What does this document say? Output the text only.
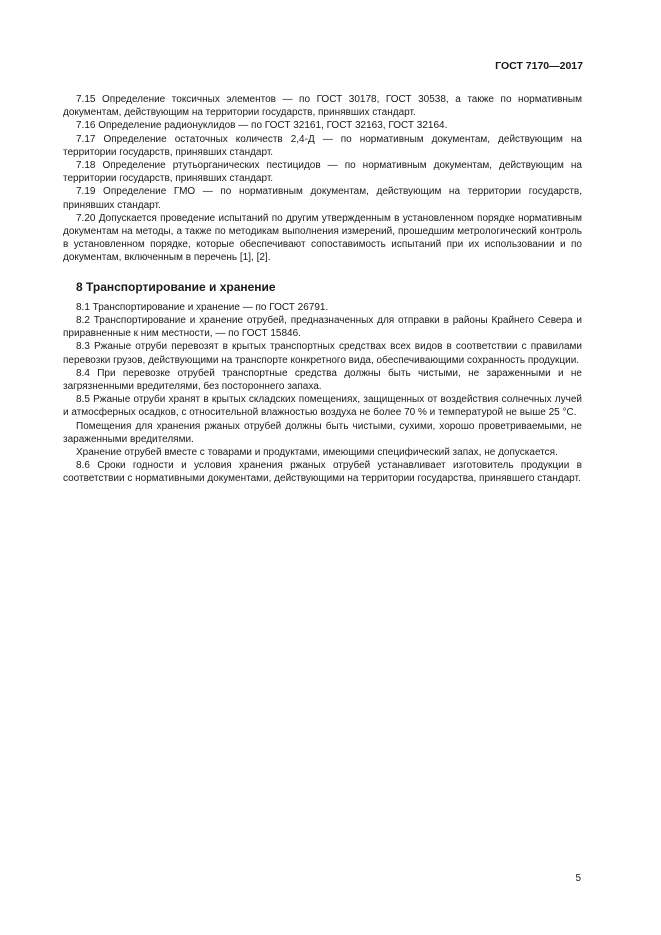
ГОСТ 7170—2017

7.15 Определение токсичных элементов — по ГОСТ 30178, ГОСТ 30538, а также по нормативным документам, действующим на территории государств, принявших стандарт.

7.16 Определение радионуклидов — по ГОСТ 32161, ГОСТ 32163, ГОСТ 32164.

7.17 Определение остаточных количеств 2,4-Д — по нормативным документам, действующим на территории государств, принявших стандарт.

7.18 Определение ртутьорганических пестицидов — по нормативным документам, действующим на территории государств, принявших стандарт.

7.19 Определение ГМО — по нормативным документам, действующим на территории государств, принявших стандарт.

7.20 Допускается проведение испытаний по другим утвержденным в установленном порядке нормативным документам на методы, а также по методикам выполнения измерений, прошедшим метрологический контроль в установленном порядке, которые обеспечивают сопоставимость испытаний при их использовании и по документам, включенным в перечень [1], [2].

8 Транспортирование и хранение

8.1 Транспортирование и хранение — по ГОСТ 26791.

8.2 Транспортирование и хранение отрубей, предназначенных для отправки в районы Крайнего Севера и приравненные к ним местности, — по ГОСТ 15846.

8.3 Ржаные отруби перевозят в крытых транспортных средствах всех видов в соответствии с правилами перевозки грузов, действующими на транспорте конкретного вида, обеспечивающими сохранность продукции.

8.4 При перевозке отрубей транспортные средства должны быть чистыми, не зараженными и не загрязненными вредителями, без постороннего запаха.

8.5 Ржаные отруби хранят в крытых складских помещениях, защищенных от воздействия солнечных лучей и атмосферных осадков, с относительной влажностью воздуха не более 70 % и температурой не выше 25 °С.

Помещения для хранения ржаных отрубей должны быть чистыми, сухими, хорошо проветриваемыми, не зараженными вредителями.

Хранение отрубей вместе с товарами и продуктами, имеющими специфический запах, не допускается.

8.6 Сроки годности и условия хранения ржаных отрубей устанавливает изготовитель продукции в соответствии с нормативными документами, действующими на территории государства, принявшего стандарт.

5
